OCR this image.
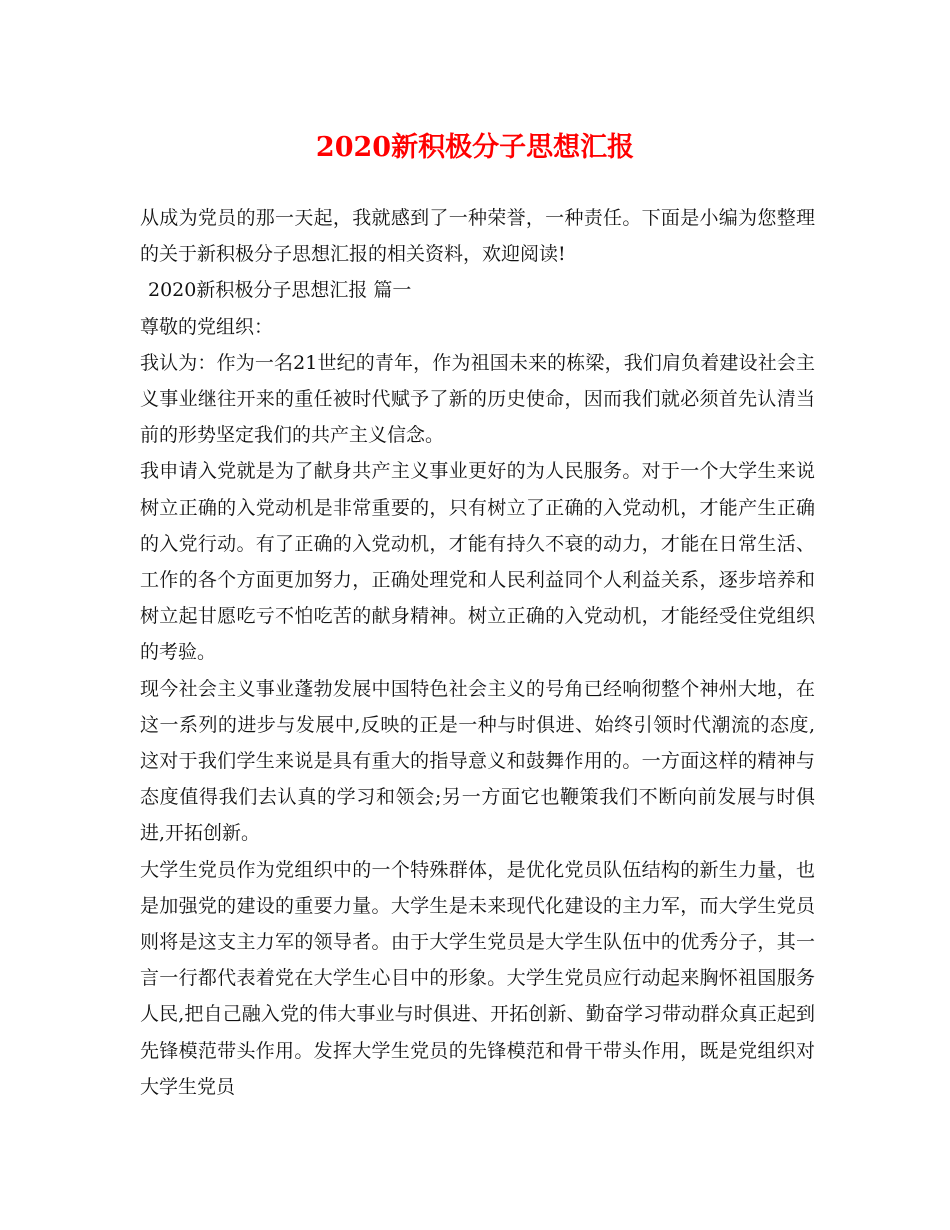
2020新积极分子思想汇报

从成为党员的那一天起，我就感到了一种荣誉，一种责任。下面是小编为您整理的关于新积极分子思想汇报的相关资料，欢迎阅读!

2020新积极分子思想汇报 篇一

尊敬的党组织：

我认为：作为一名21世纪的青年，作为祖国未来的栋梁，我们肩负着建设社会主义事业继往开来的重任被时代赋予了新的历史使命，因而我们就必须首先认清当前的形势坚定我们的共产主义信念。

我申请入党就是为了献身共产主义事业更好的为人民服务。对于一个大学生来说树立正确的入党动机是非常重要的，只有树立了正确的入党动机，才能产生正确的入党行动。有了正确的入党动机，才能有持久不衰的动力，才能在日常生活、工作的各个方面更加努力，正确处理党和人民利益同个人利益关系，逐步培养和树立起甘愿吃亏不怕吃苦的献身精神。树立正确的入党动机，才能经受住党组织的考验。

现今社会主义事业蓬勃发展中国特色社会主义的号角已经响彻整个神州大地，在这一系列的进步与发展中,反映的正是一种与时俱进、始终引领时代潮流的态度,这对于我们学生来说是具有重大的指导意义和鼓舞作用的。一方面这样的精神与态度值得我们去认真的学习和领会;另一方面它也鞭策我们不断向前发展与时俱进,开拓创新。

大学生党员作为党组织中的一个特殊群体，是优化党员队伍结构的新生力量，也是加强党的建设的重要力量。大学生是未来现代化建设的主力军，而大学生党员则将是这支主力军的领导者。由于大学生党员是大学生队伍中的优秀分子，其一言一行都代表着党在大学生心目中的形象。大学生党员应行动起来胸怀祖国服务人民,把自己融入党的伟大事业与时俱进、开拓创新、勤奋学习带动群众真正起到先锋模范带头作用。发挥大学生党员的先锋模范和骨干带头作用，既是党组织对大学生党员
